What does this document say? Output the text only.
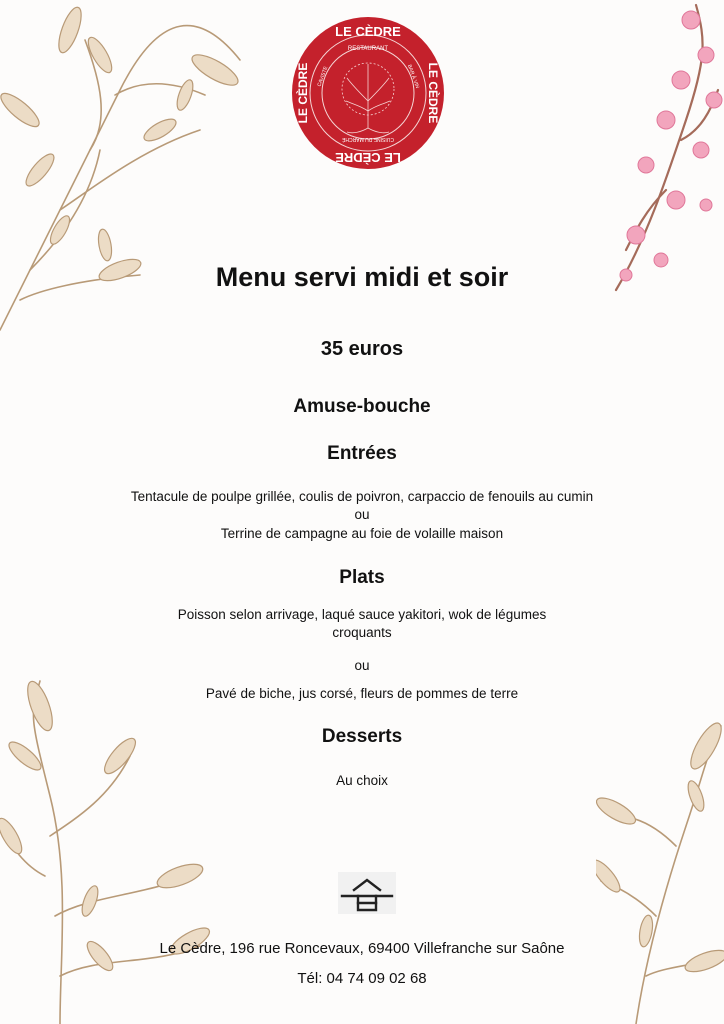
LE CÈDRE
LE CÈDRE
LE CÈDRE	LE CÈDRE
RESTAURANT
CUISINE DU MARCHÉ
CAVISTE	BAR À VIN
Menu servi midi et soir
35 euros
Amuse-bouche
Entrées
Tentacule de poulpe grillée, coulis de poivron, carpaccio de fenouils au cumin
ou
Terrine de campagne au foie de volaille maison
Plats
Poisson selon arrivage, laqué sauce yakitori, wok de légumes
croquants
ou
Pavé de biche, jus corsé, fleurs de pommes de terre
Desserts
Au choix
Le Cèdre, 196 rue Roncevaux, 69400 Villefranche sur Saône
Tél: 04 74 09 02 68
